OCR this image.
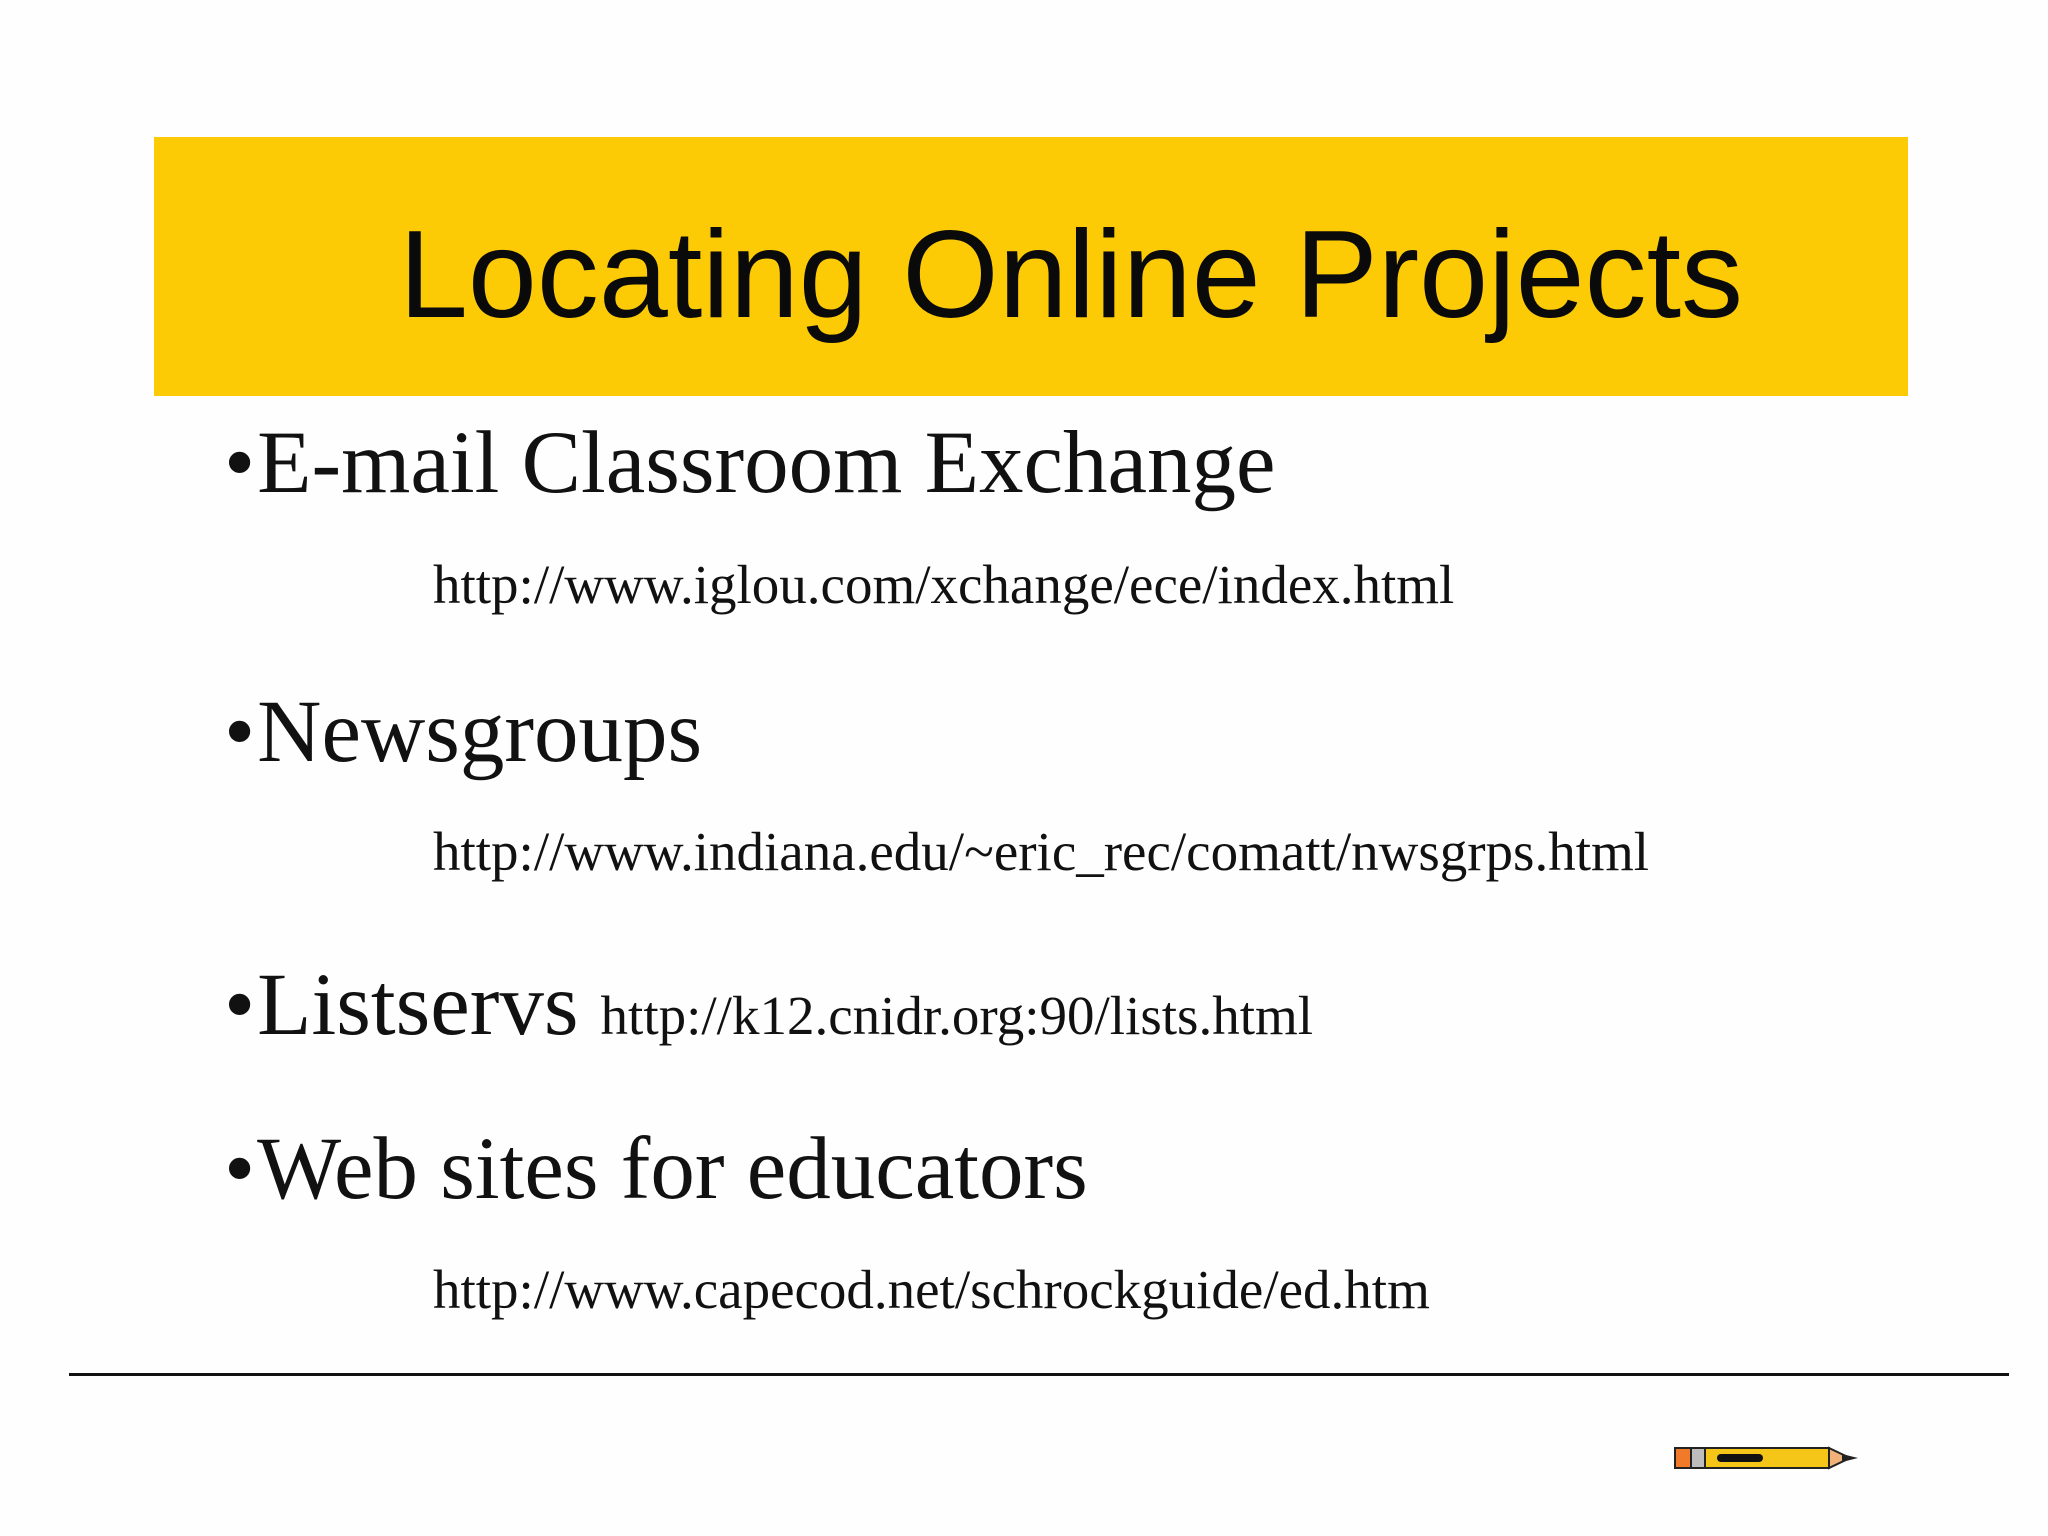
Locating Online Projects
•E-mail Classroom Exchange
http://www.iglou.com/xchange/ece/index.html
•Newsgroups
http://www.indiana.edu/~eric_rec/comatt/nwsgrps.html
•Listservs http://k12.cnidr.org:90/lists.html
•Web sites for educators
http://www.capecod.net/schrockguide/ed.htm
